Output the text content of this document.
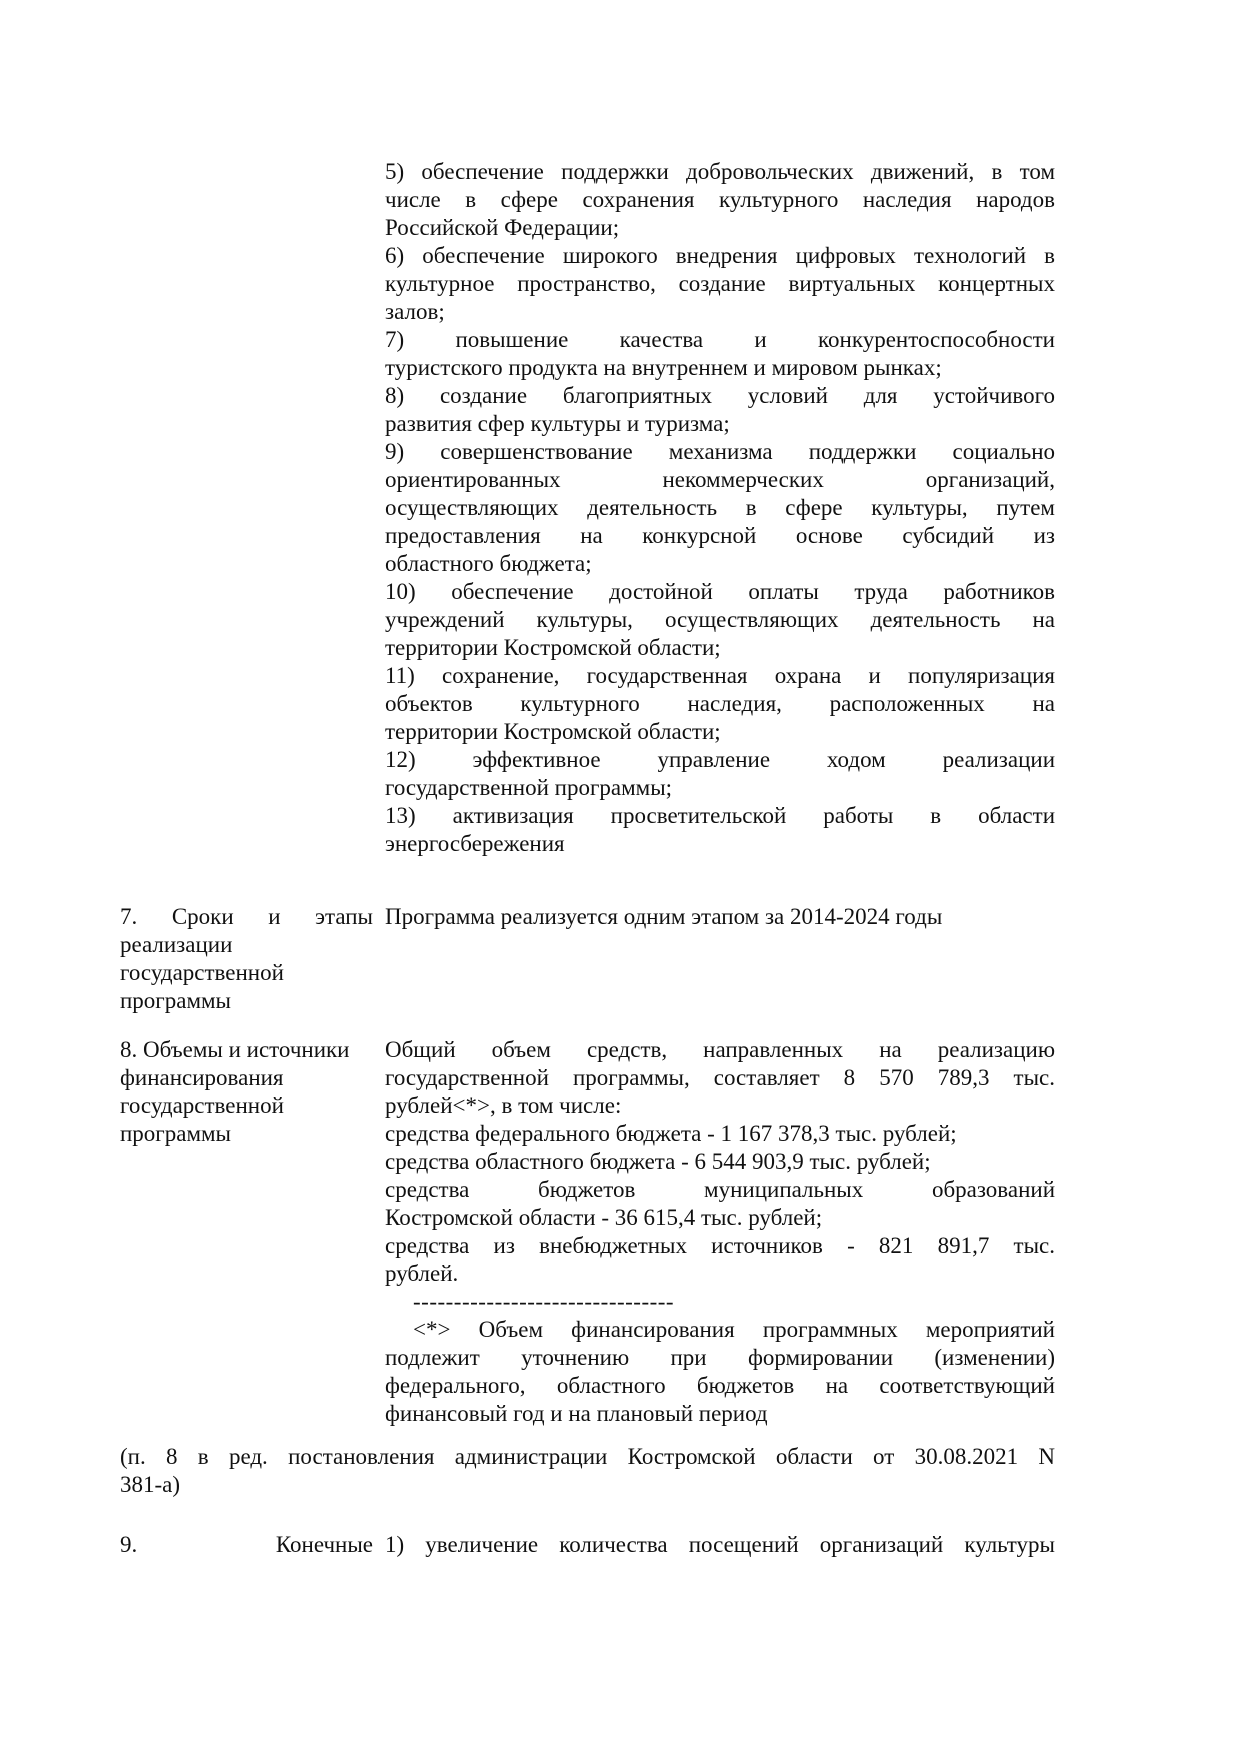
5) обеспечение поддержки добровольческих движений, в том
числе в сфере сохранения культурного наследия народов
Российской Федерации;
6) обеспечение широкого внедрения цифровых технологий в
культурное пространство, создание виртуальных концертных
залов;
7)     повышение     качества     и     конкурентоспособности
туристского продукта на внутреннем и мировом рынках;
8) создание благоприятных условий для устойчивого
развития сфер культуры и туризма;
9) совершенствование механизма поддержки социально
ориентированных некоммерческих организаций,
осуществляющих деятельность в сфере культуры, путем
предоставления на конкурсной основе субсидий из
областного бюджета;
10) обеспечение достойной оплаты труда работников
учреждений культуры, осуществляющих деятельность на
территории Костромской области;
11) сохранение, государственная охрана и популяризация
объектов культурного наследия, расположенных на
территории Костромской области;
12) эффективное управление ходом реализации
государственной программы;
13) активизация просветительской работы в области
энергосбережения
7.  Сроки  и  этапы
реализации
государственной
программы
Программа реализуется одним этапом за 2014-2024 годы
8. Объемы и источники
финансирования
государственной
программы
Общий объем средств, направленных на реализацию
государственной программы, составляет 8 570 789,3 тыс.
рублей<*>, в том числе:
средства федерального бюджета - 1 167 378,3 тыс. рублей;
средства областного бюджета - 6 544 903,9 тыс. рублей;
средства бюджетов муниципальных образований
Костромской области - 36 615,4 тыс. рублей;
средства из внебюджетных источников - 821 891,7 тыс.
рублей.
--------------------------------
<*> Объем финансирования программных мероприятий
подлежит уточнению при формировании (изменении)
федерального, областного бюджетов на соответствующий
финансовый год и на плановый период
(п. 8 в ред. постановления администрации Костромской области от 30.08.2021 N
381-а)
9.	Конечные 1) увеличение количества посещений организаций культуры
